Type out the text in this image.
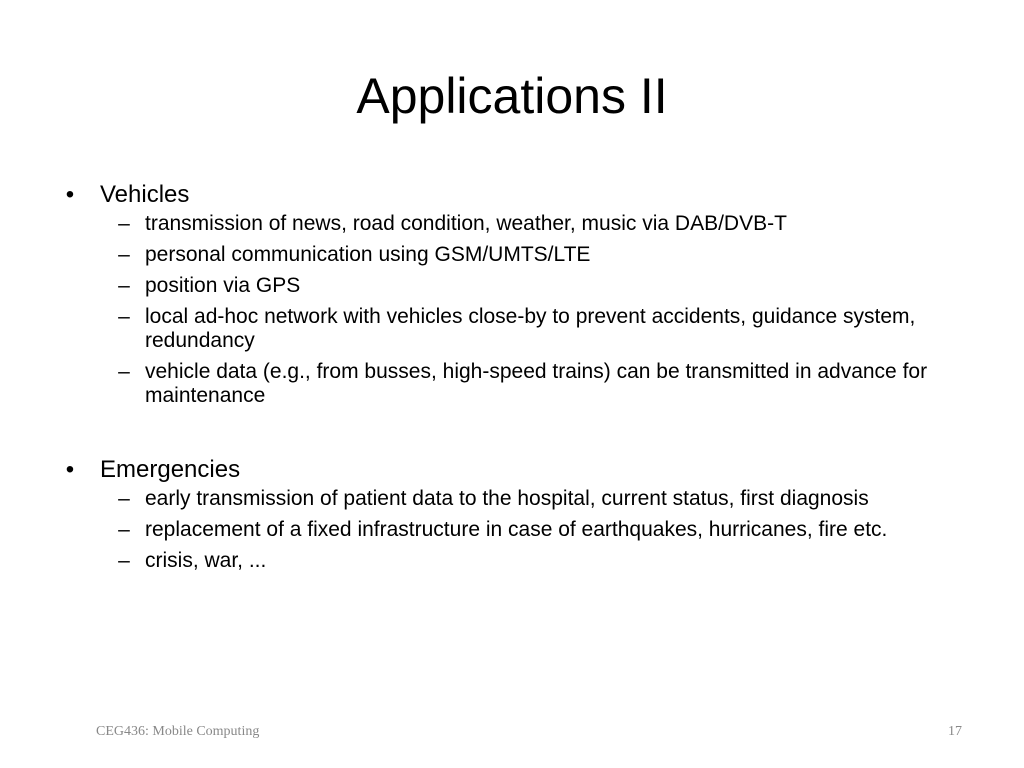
Applications II
• Vehicles
– transmission of news, road condition, weather, music via DAB/DVB-T
– personal communication using GSM/UMTS/LTE
– position via GPS
– local ad-hoc network with vehicles close-by to prevent accidents, guidance system, redundancy
– vehicle data (e.g., from busses, high-speed trains) can be transmitted in advance for maintenance
• Emergencies
– early transmission of patient data to the hospital, current status, first diagnosis
– replacement of a fixed infrastructure in case of earthquakes, hurricanes, fire etc.
– crisis, war, ...
CEG436: Mobile Computing	17
